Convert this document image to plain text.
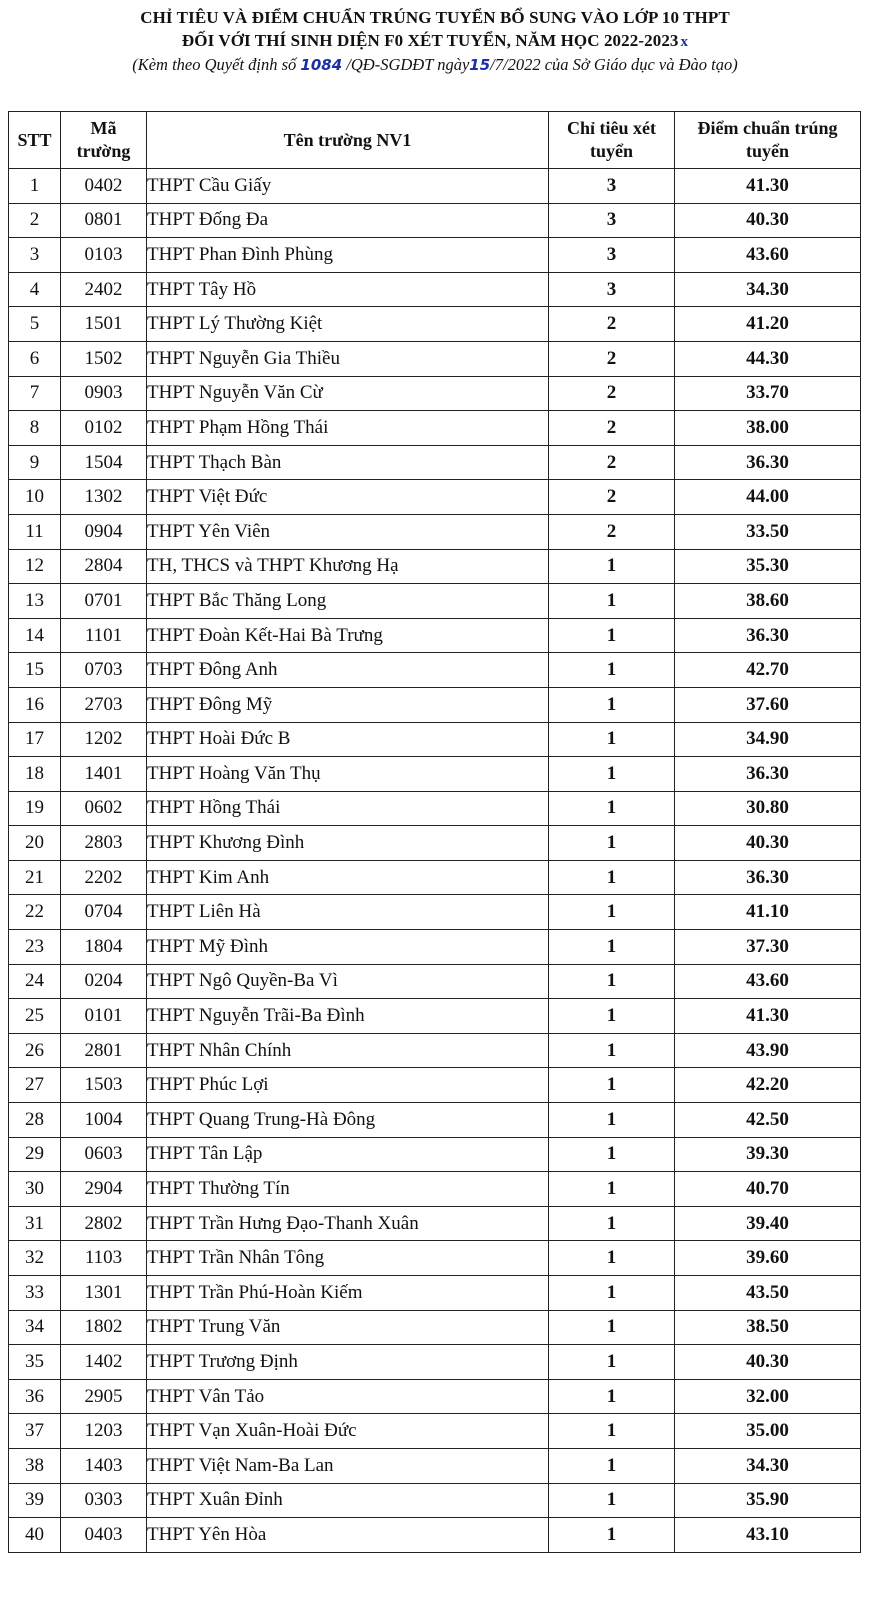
CHỈ TIÊU VÀ ĐIỂM CHUẨN TRÚNG TUYỂN BỔ SUNG VÀO LỚP 10 THPT
ĐỐI VỚI THÍ SINH DIỆN F0 XÉT TUYỂN, NĂM HỌC 2022-2023 x
(Kèm theo Quyết định số 1084 /QĐ-SGDĐT ngày15/7/2022 của Sở Giáo dục và Đào tạo)
STT	Mã trường	Tên trường NV1	Chỉ tiêu xét tuyển	Điểm chuẩn trúng tuyển
1	0402	THPT Cầu Giấy	3	41.30
2	0801	THPT Đống Đa	3	40.30
3	0103	THPT Phan Đình Phùng	3	43.60
4	2402	THPT Tây Hồ	3	34.30
5	1501	THPT Lý Thường Kiệt	2	41.20
6	1502	THPT Nguyễn Gia Thiều	2	44.30
7	0903	THPT Nguyễn Văn Cừ	2	33.70
8	0102	THPT Phạm Hồng Thái	2	38.00
9	1504	THPT Thạch Bàn	2	36.30
10	1302	THPT Việt Đức	2	44.00
11	0904	THPT Yên Viên	2	33.50
12	2804	TH, THCS và THPT Khương Hạ	1	35.30
13	0701	THPT Bắc Thăng Long	1	38.60
14	1101	THPT Đoàn Kết-Hai Bà Trưng	1	36.30
15	0703	THPT Đông Anh	1	42.70
16	2703	THPT Đông Mỹ	1	37.60
17	1202	THPT Hoài Đức B	1	34.90
18	1401	THPT Hoàng Văn Thụ	1	36.30
19	0602	THPT Hồng Thái	1	30.80
20	2803	THPT Khương Đình	1	40.30
21	2202	THPT Kim Anh	1	36.30
22	0704	THPT Liên Hà	1	41.10
23	1804	THPT Mỹ Đình	1	37.30
24	0204	THPT Ngô Quyền-Ba Vì	1	43.60
25	0101	THPT Nguyễn Trãi-Ba Đình	1	41.30
26	2801	THPT Nhân Chính	1	43.90
27	1503	THPT Phúc Lợi	1	42.20
28	1004	THPT Quang Trung-Hà Đông	1	42.50
29	0603	THPT Tân Lập	1	39.30
30	2904	THPT Thường Tín	1	40.70
31	2802	THPT Trần Hưng Đạo-Thanh Xuân	1	39.40
32	1103	THPT Trần Nhân Tông	1	39.60
33	1301	THPT Trần Phú-Hoàn Kiếm	1	43.50
34	1802	THPT Trung Văn	1	38.50
35	1402	THPT Trương Định	1	40.30
36	2905	THPT Vân Tảo	1	32.00
37	1203	THPT Vạn Xuân-Hoài Đức	1	35.00
38	1403	THPT Việt Nam-Ba Lan	1	34.30
39	0303	THPT Xuân Đỉnh	1	35.90
40	0403	THPT Yên Hòa	1	43.10
